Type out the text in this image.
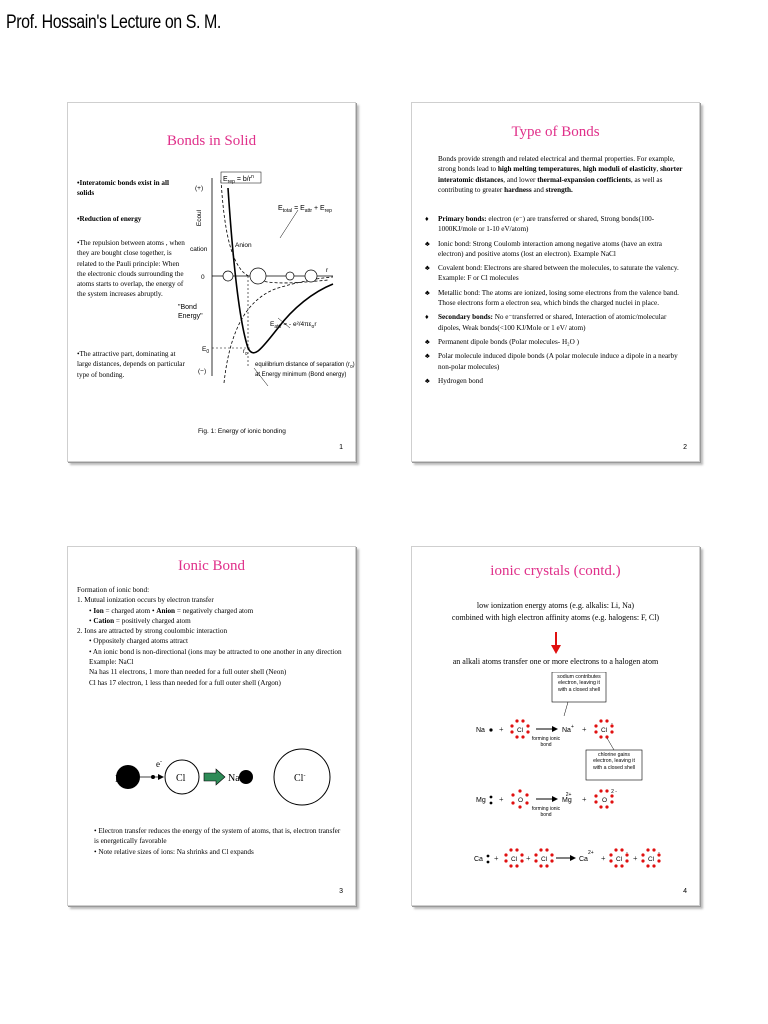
Prof. Hossain's Lecture on S. M.
Bonds in Solid
•Interatomic bonds exist in all solids
•Reduction of energy
•The repulsion between atoms , when they are bought close together, is related to the Pauli principle: When the electronic clouds surrounding the atoms starts to overlap, the energy of the system increases abruptly.
•The attractive part, dominating at large distances, depends on particular type of bonding.
$E_{rep} = b/r^n$
(+)
Ecoul
cation
Anion
0
$E_{total} = E_{attr} + E_{rep}$
"Bond
Energy"
$E_{attr}$ = - $e^2/4\pi\varepsilon_or$
$E_0$	$r_0$
(−)
r
equilibrium distance of separation $(r_0)$
at Energy minimum (Bond energy)
Fig. 1: Energy of ionic bonding
1
Type of Bonds
Bonds provide strength and related electrical and thermal properties. For example, strong bonds lead to high melting temperatures, high moduli of elasticity, shorter interatomic distances, and lower thermal-expansion coefficients, as well as contributing to greater hardness and strength.
♦ Primary bonds: electron (e⁻) are transferred or shared, Strong bonds(100-1000KJ/mole or 1-10 eV/atom)
♣ Ionic bond: Strong Coulomb interaction among negative atoms (have an extra electron) and positive atoms (lost an electron). Example NaCl
♣ Covalent bond: Electrons are shared between the molecules, to saturate the valency. Example: F or Cl molecules
♣ Metallic bond: The atoms are ionized, losing some electrons from the valence band. Those electrons form a electron sea, which binds the charged nuclei in place.
♦ Secondary bonds: No e⁻transferred or shared, Interaction of atomic/molecular dipoles, Weak bonds(<100 KJ/Mole or 1 eV/ atom)
♣ Permanent dipole bonds (Polar molecules- H₂O )
♣ Polar molecule induced dipole bonds (A polar molecule induce a dipole in a nearby non-polar molecules)
♣ Hydrogen bond
2
Ionic Bond
Formation of ionic bond:
1. Mutual ionization occurs by electron transfer
• Ion = charged atom • Anion = negatively charged atom
• Cation = positively charged atom
2. Ions are attracted by strong coulombic interaction
• Oppositely charged atoms attract
• An ionic bond is non-directional (ions may be attracted to one another in any direction
Example: NaCl
Na has 11 electrons, 1 more than needed for a full outer shell (Neon)
Cl has 17 electron, 1 less than needed for a full outer shell (Argon)
Na
e-
Cl	Na+	Cl-
• Electron transfer reduces the energy of the system of atoms, that is, electron transfer is energetically favorable
• Note relative sizes of ions: Na shrinks and Cl expands
3
ionic crystals (contd.)
low ionization energy atoms (e.g. alkalis: Li, Na)
combined with high electron affinity atoms (e.g. halogens: F, Cl)
an alkali atoms transfer one or more electrons to a halogen atom
sodium contributes electron, leaving it with a closed shell
Na + Cl	Na+ + Cl-
forming ionic bond
chlorine gains electron, leaving it with a closed shell
Mg + O	$Mg2+ + O^{2 -}$
forming ionic bond
Ca + Cl + Cl	$Ca^{2+}$
+ Cl-
+ Cl-
4
